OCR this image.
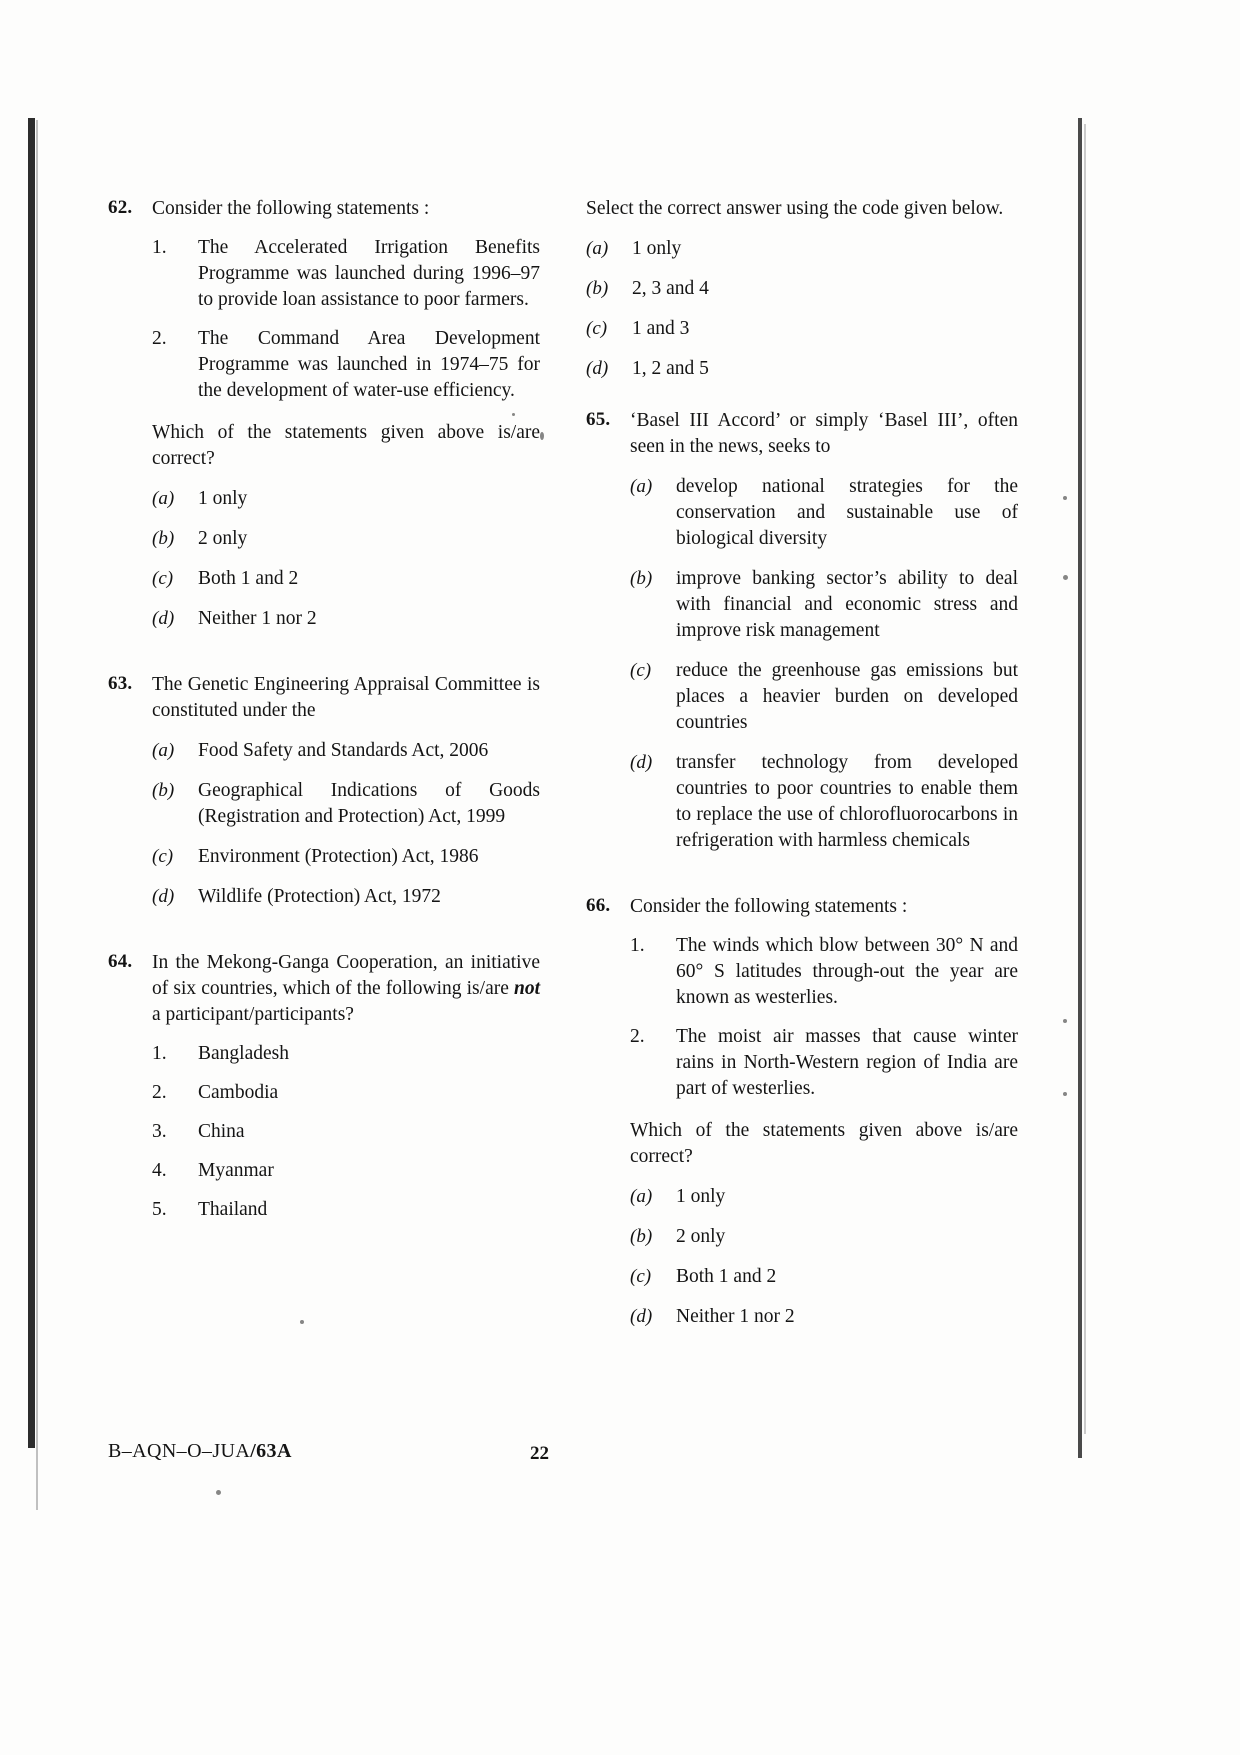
62.	Consider the following statements :
1.	The Accelerated Irrigation Benefits Programme was launched during 1996–97 to provide loan assistance to poor farmers.
2.	The Command Area Development Programme was launched in 1974–75 for the development of water-use efficiency.
Which of the statements given above is/are correct?
(a)	1 only
(b)	2 only
(c)	Both 1 and 2
(d)	Neither 1 nor 2
63.	The Genetic Engineering Appraisal Committee is constituted under the
(a)	Food Safety and Standards Act, 2006
(b)	Geographical Indications of Goods (Registration and Protection) Act, 1999
(c)	Environment (Protection) Act, 1986
(d)	Wildlife (Protection) Act, 1972
64.	In the Mekong-Ganga Cooperation, an initiative of six countries, which of the following is/are not a participant/participants?
1.	Bangladesh
2.	Cambodia
3.	China
4.	Myanmar
5.	Thailand
Select the correct answer using the code given below.
(a)	1 only
(b)	2, 3 and 4
(c)	1 and 3
(d)	1, 2 and 5
65.	‘Basel III Accord’ or simply ‘Basel III’, often seen in the news, seeks to
(a)	develop national strategies for the conservation and sustainable use of biological diversity
(b)	improve banking sector’s ability to deal with financial and economic stress and improve risk management
(c)	reduce the greenhouse gas emissions but places a heavier burden on developed countries
(d)	transfer technology from developed countries to poor countries to enable them to replace the use of chlorofluorocarbons in refrigeration with harmless chemicals
66.	Consider the following statements :
1.	The winds which blow between 30° N and 60° S latitudes through-out the year are known as westerlies.
2.	The moist air masses that cause winter rains in North-Western region of India are part of westerlies.
Which of the statements given above is/are correct?
(a)	1 only
(b)	2 only
(c)	Both 1 and 2
(d)	Neither 1 nor 2
B–AQN–O–JUA/63A	22
